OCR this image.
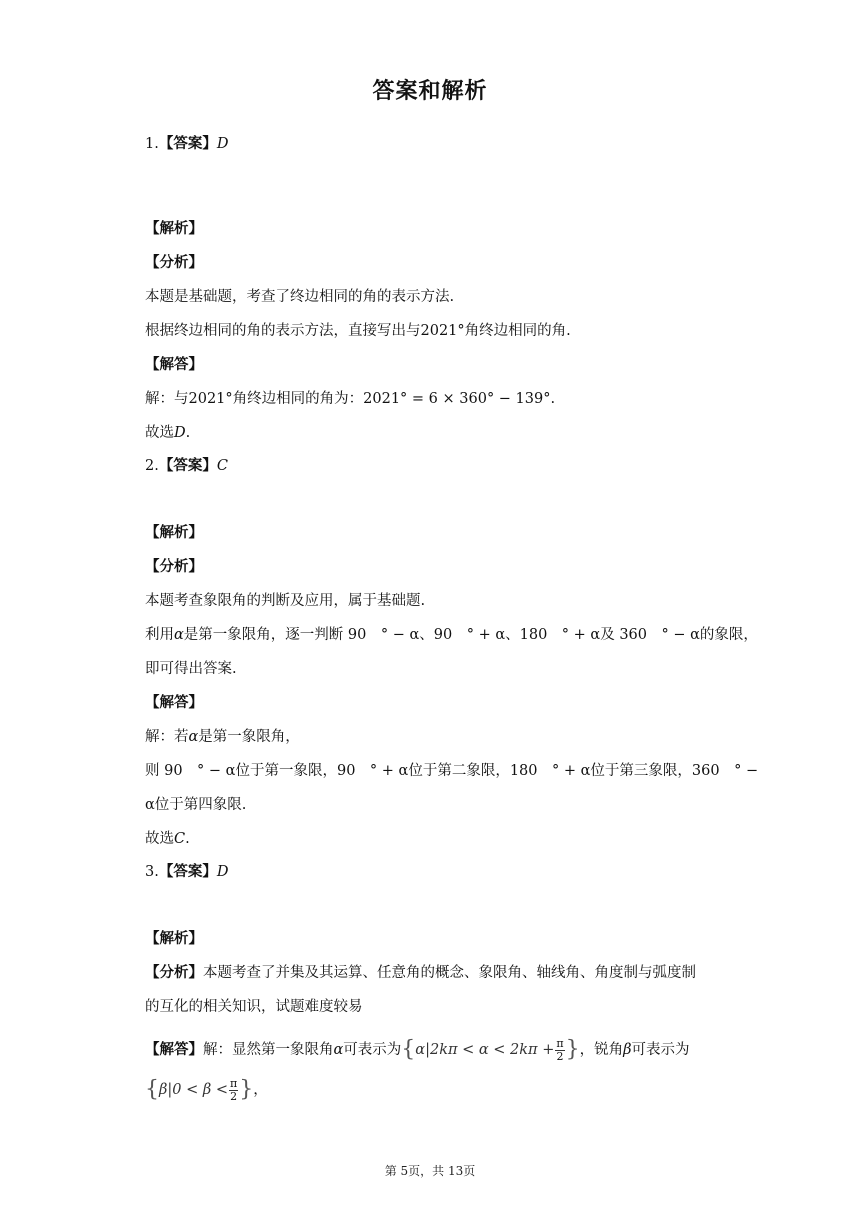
答案和解析
1.【答案】D
【解析】
【分析】
本题是基础题，考查了终边相同的角的表示方法.
根据终边相同的角的表示方法，直接写出与2021°角终边相同的角.
【解答】
解：与2021°角终边相同的角为：2021° = 6 × 360° − 139°.
故选D.
2.【答案】C
【解析】
【分析】
本题考查象限角的判断及应用，属于基础题.
利用α是第一象限角，逐一判断 90　° − α、90　° + α、180　° + α及 360　° − α的象限，
即可得出答案.
【解答】
解：若α是第一象限角，
则 90　° − α位于第一象限，90　° + α位于第二象限，180　° + α位于第三象限，360　° −
α位于第四象限.
故选C.
3.【答案】D
【解析】
【分析】本题考查了并集及其运算、任意角的概念、象限角、轴线角、角度制与弧度制
的互化的相关知识，试题难度较易
【解答】解：显然第一象限角α可表示为{$\alpha|2k\pi < \alpha < 2k\pi + \frac{\pi}{2}$ }，锐角β可表示为
{$\beta|0 < \beta < \frac{\pi}{2}$ }，
第 5页，共 13页
